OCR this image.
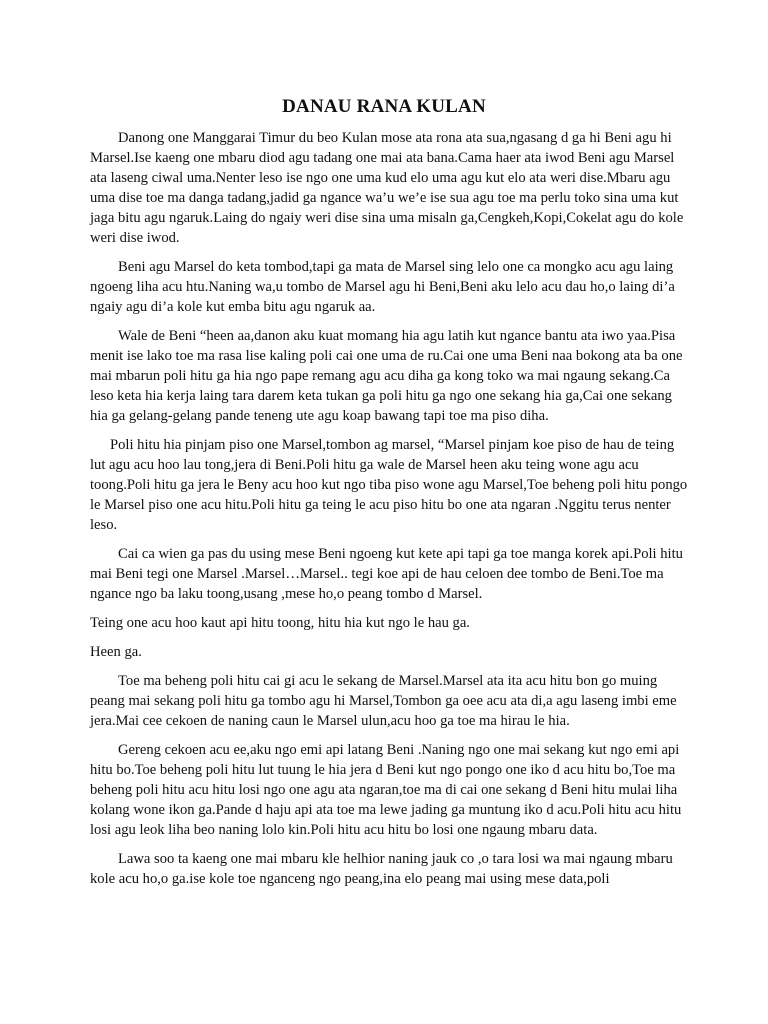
DANAU RANA KULAN

Danong one Manggarai Timur du beo Kulan mose ata rona ata sua,ngasang d ga hi Beni agu hi Marsel.Ise kaeng one mbaru diod agu tadang one mai ata bana.Cama haer ata iwod Beni agu Marsel ata laseng ciwal uma.Nenter leso ise ngo one uma kud elo uma agu kut elo ata weri dise.Mbaru agu uma dise toe ma danga tadang,jadid ga ngance wa’u we’e ise sua agu toe ma perlu toko sina uma kut jaga bitu agu ngaruk.Laing do ngaiy weri dise sina uma misaln ga,Cengkeh,Kopi,Cokelat agu do kole weri dise iwod.

Beni agu Marsel do keta tombod,tapi ga mata de Marsel sing lelo one ca mongko acu agu laing ngoeng liha acu htu.Naning wa,u tombo de Marsel agu hi Beni,Beni aku lelo acu dau ho,o laing di’a ngaiy agu di’a kole kut emba bitu agu ngaruk aa.

Wale de Beni “heen aa,danon aku kuat momang hia agu latih kut ngance bantu ata iwo yaa.Pisa menit ise lako toe ma rasa lise kaling poli cai one uma de ru.Cai one uma Beni naa bokong ata ba one mai mbarun poli hitu ga hia ngo pape remang agu acu diha ga kong toko wa mai ngaung sekang.Ca leso keta hia kerja laing tara darem keta tukan ga poli hitu ga ngo one sekang hia ga,Cai one sekang hia ga gelang-gelang pande teneng ute agu koap bawang tapi toe ma piso diha.

Poli hitu hia pinjam piso one Marsel,tombon ag marsel, “Marsel pinjam koe piso de hau de teing lut agu acu hoo lau tong,jera di Beni.Poli hitu ga wale de Marsel heen aku teing wone agu acu toong.Poli hitu ga jera le Beny acu hoo kut ngo tiba piso wone agu Marsel,Toe beheng poli hitu pongo le Marsel piso one acu hitu.Poli hitu ga teing le acu piso hitu bo one ata ngaran .Nggitu terus nenter leso.

Cai ca wien ga pas du using mese Beni ngoeng kut kete api tapi ga toe manga korek api.Poli hitu mai Beni tegi one Marsel .Marsel…Marsel.. tegi koe api de hau celoen dee tombo de Beni.Toe ma ngance ngo ba laku toong,usang ,mese ho,o peang tombo d Marsel.

Teing one acu hoo kaut api hitu toong, hitu hia kut ngo le hau ga.

Heen ga.

Toe ma beheng poli hitu cai gi acu le sekang de Marsel.Marsel ata ita acu hitu bon go muing peang mai sekang poli hitu ga tombo agu hi Marsel,Tombon ga oee acu ata di,a agu laseng imbi eme jera.Mai cee cekoen de naning caun le Marsel ulun,acu hoo ga toe ma hirau le hia.

Gereng cekoen acu ee,aku ngo emi api latang Beni .Naning ngo one mai sekang kut ngo emi api hitu bo.Toe beheng poli hitu lut tuung le hia jera d Beni kut ngo pongo one iko d acu hitu bo,Toe ma beheng poli hitu acu hitu losi ngo one agu ata ngaran,toe ma di cai one sekang d Beni hitu mulai liha kolang wone ikon ga.Pande d haju api ata toe ma lewe jading ga muntung iko d acu.Poli hitu acu hitu losi agu leok liha beo naning lolo kin.Poli hitu acu hitu bo losi one ngaung mbaru data.

Lawa soo ta kaeng one mai mbaru kle helhior naning jauk co ,o tara losi wa mai ngaung mbaru kole acu ho,o ga.ise kole toe nganceng ngo peang,ina elo peang mai using mese data,poli
